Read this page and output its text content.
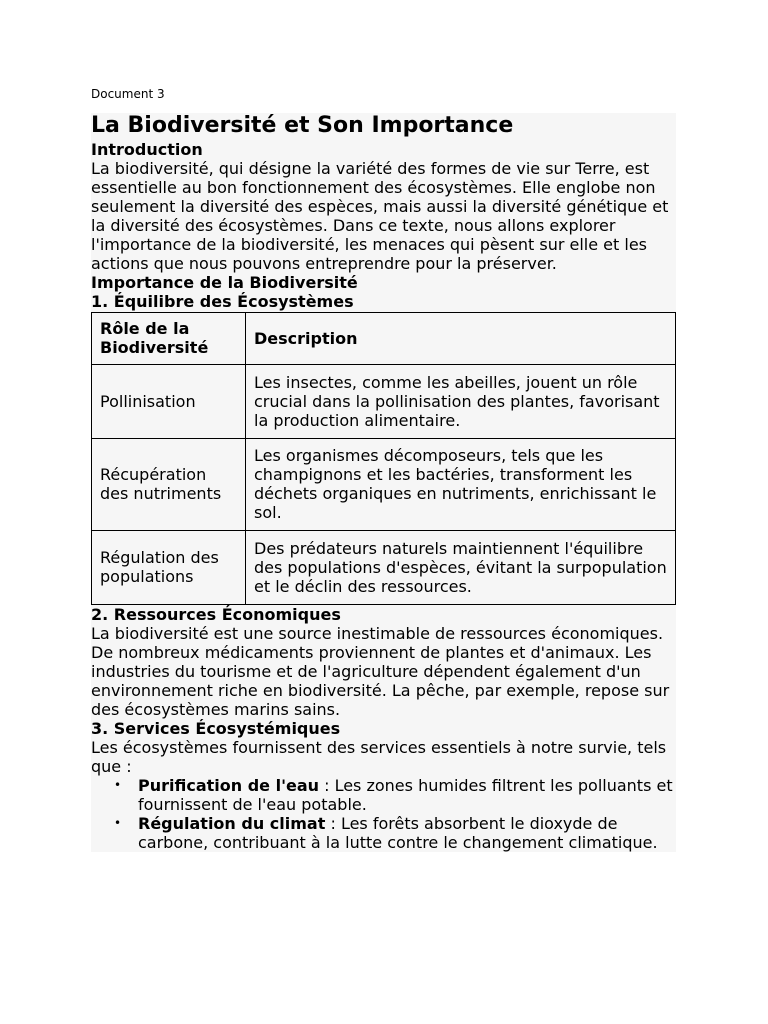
Document 3
La Biodiversité et Son Importance
Introduction

La biodiversité, qui désigne la variété des formes de vie sur Terre, est essentielle au bon fonctionnement des écosystèmes. Elle englobe non seulement la diversité des espèces, mais aussi la diversité génétique et la diversité des écosystèmes. Dans ce texte, nous allons explorer l'importance de la biodiversité, les menaces qui pèsent sur elle et les actions que nous pouvons entreprendre pour la préserver.

Importance de la Biodiversité
1. Équilibre des Écosystèmes
Rôle de la Biodiversité	Description
Pollinisation	Les insectes, comme les abeilles, jouent un rôle crucial dans la pollinisation des plantes, favorisant la production alimentaire.
Récupération des nutriments	Les organismes décomposeurs, tels que les champignons et les bactéries, transforment les déchets organiques en nutriments, enrichissant le sol.
Régulation des populations	Des prédateurs naturels maintiennent l'équilibre des populations d'espèces, évitant la surpopulation et le déclin des ressources.
2. Ressources Économiques

La biodiversité est une source inestimable de ressources économiques. De nombreux médicaments proviennent de plantes et d'animaux. Les industries du tourisme et de l'agriculture dépendent également d'un environnement riche en biodiversité. La pêche, par exemple, repose sur des écosystèmes marins sains.

3. Services Écosystémiques

Les écosystèmes fournissent des services essentiels à notre survie, tels que :

• Purification de l'eau : Les zones humides filtrent les polluants et fournissent de l'eau potable.
• Régulation du climat : Les forêts absorbent le dioxyde de carbone, contribuant à la lutte contre le changement climatique.
